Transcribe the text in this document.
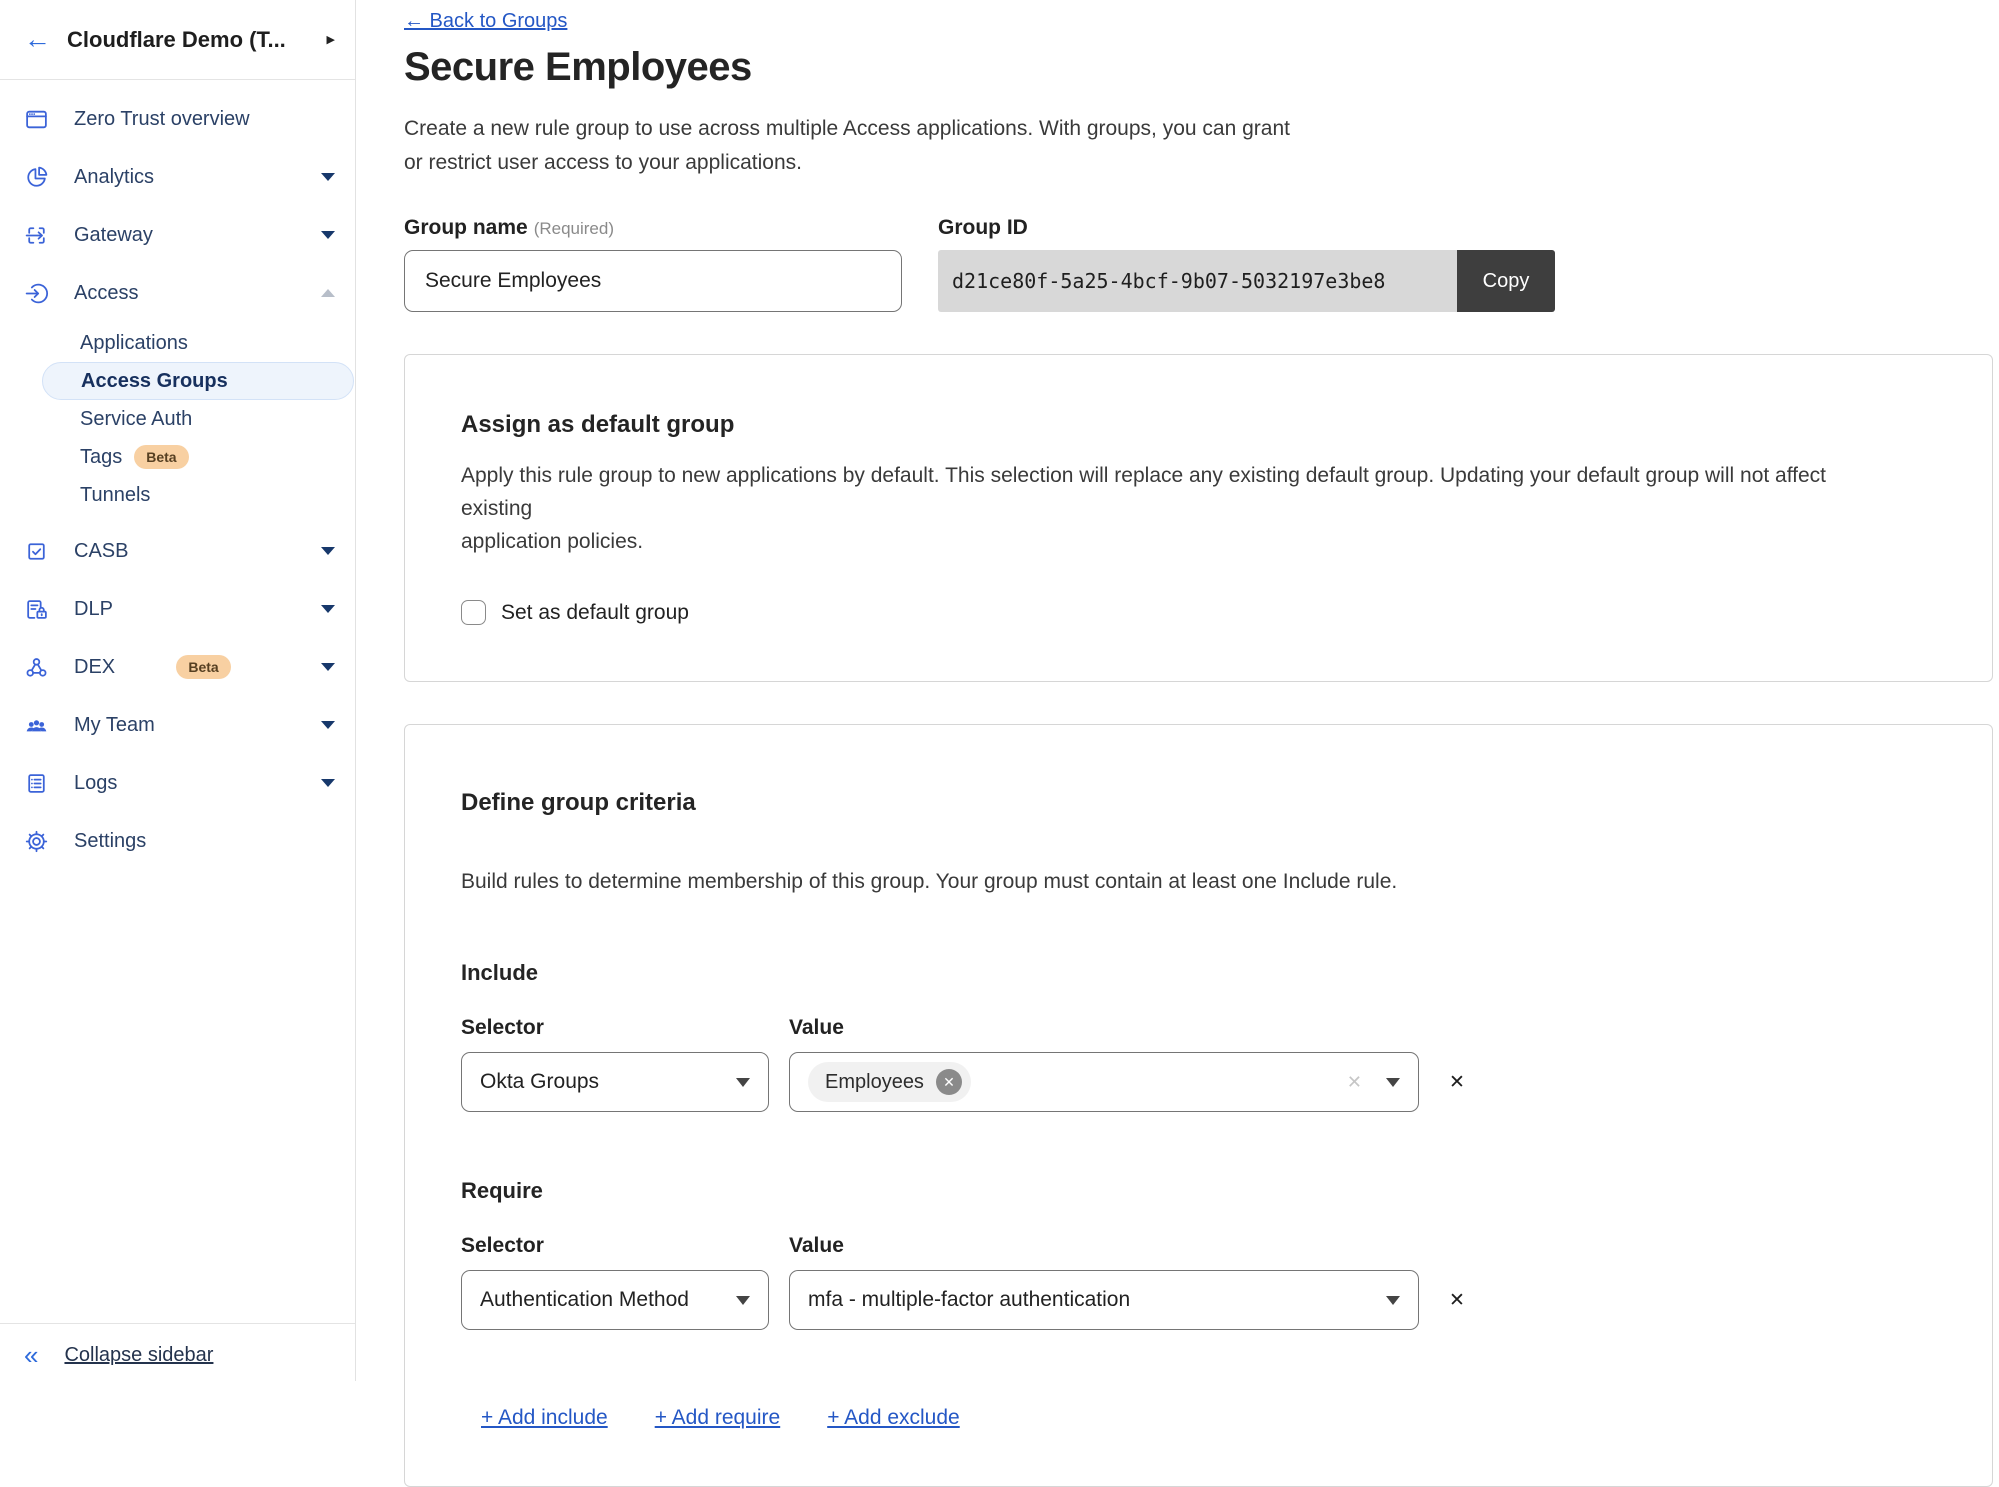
← Cloudflare Demo (T...	▶
Zero Trust overview
Analytics
Gateway
Access
Applications
Access Groups
Service Auth
Tags	Beta
Tunnels
CASB
DLP
DEX	Beta
My Team
Logs
Settings
« Collapse sidebar
← Back to Groups
Secure Employees
Create a new rule group to use across multiple Access applications. With groups, you can grant
or restrict user access to your applications.
Group name (Required)
Secure Employees	Group ID
d21ce80f-5a25-4bcf-9b07-5032197e3be8	Copy
Assign as default group
Apply this rule group to new applications by default. This selection will replace any existing default group. Updating your default group will not affect existing
application policies.
Set as default group
Define group criteria
Build rules to determine membership of this group. Your group must contain at least one Include rule.
Include
Selector	Value
Okta Groups	Employees	✕	✕	✕
Require
Selector	Value
Authentication Method	mfa - multiple-factor authentication	✕
+ Add include + Add require + Add exclude
